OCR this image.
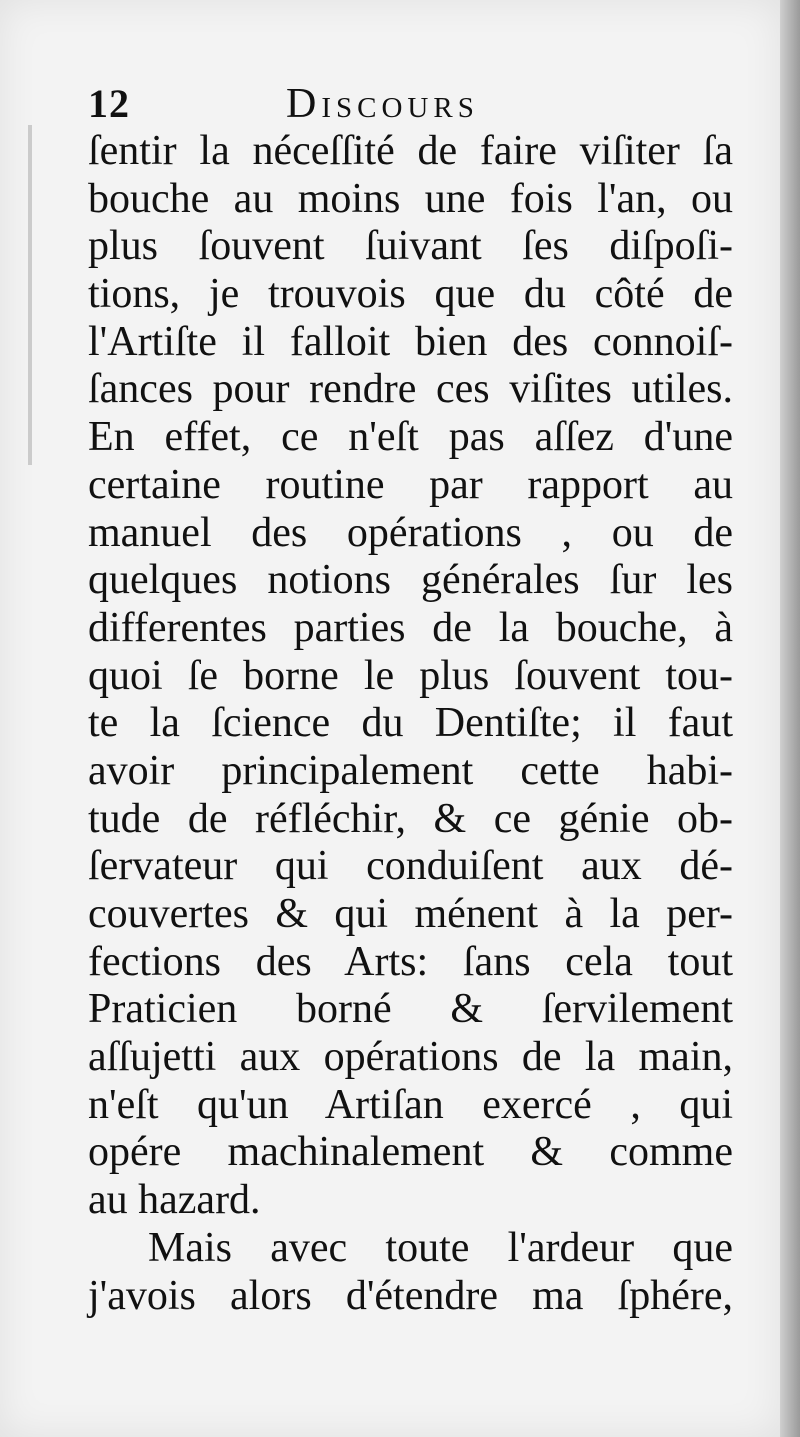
12	Discours
ſentir la néceſſité de faire viſiter ſa
bouche au moins une fois l'an, ou
plus ſouvent ſuivant ſes diſpoſi-
tions, je trouvois que du côté de
l'Artiſte il falloit bien des connoiſ-
ſances pour rendre ces viſites utiles.
En effet, ce n'eſt pas aſſez d'une
certaine routine par rapport au
manuel des opérations , ou de
quelques notions générales ſur les
differentes parties de la bouche, à
quoi ſe borne le plus ſouvent tou-
te la ſcience du Dentiſte; il faut
avoir principalement cette habi-
tude de réfléchir, & ce génie ob-
ſervateur qui conduiſent aux dé-
couvertes & qui ménent à la per-
fections des Arts: ſans cela tout
Praticien borné & ſervilement
aſſujetti aux opérations de la main,
n'eſt qu'un Artiſan exercé , qui
opére machinalement & comme
au hazard.
Mais avec toute l'ardeur que
j'avois alors d'étendre ma ſphére,
